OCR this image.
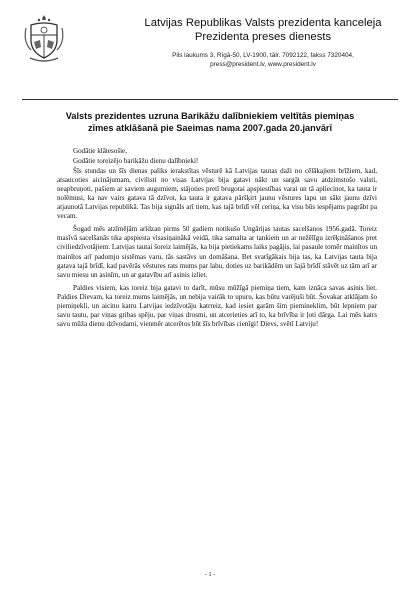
Latvijas Republikas Valsts prezidenta kanceleja
Prezidenta preses dienests
Pils laukums 3, Rīgā-50, LV-1900, tālr. 7092122, fakss 7320404,
press@president.lv, www.president.lv
Valsts prezidentes uzruna Barikāžu dalībniekiem veltītās piemiņas
zīmes atklāšanā pie Saeimas nama 2007.gada 20.janvārī

Godātie klātesošie,

Godātie toreizējo barikāžu dienu dalībnieki!

Šīs stundas un šīs dienas paliks ierakstītas vēsturē kā Latvijas tautas daži no cēlākajiem brīžiem, kad, atsaucoties aicinājumam, civilisti no visas Latvijas bija gatavi nākt un sargāt savu atdzimstošo valsti, neapbruņoti, pašiem ar saviem augumiem, stājoties pretī brugotai apspiestības varai un tā apliecinot, ka tauta ir nolēmusi, ka nav vairs gatava tā dzīvot, ka tauta ir gatava pāršķirt jaunu vēstures lapu un sākt jaunu dzīvi atjaunotā Latvijas republikā. Tas bija signāls arī tiem, kas tajā brīdī vēl ceriņa, ka visu būs iespējams pagrābt pa vecam.

Šogad mēs atzīmējām arīdzan pirms 50 gadiem notikušo Ungārijas tautas sacelšanos 1956.gadā. Toreiz masīvā sacelšanās tika apspiesta visasiņainākā veidā, tika samalta ar tankiem un ar nežēlīgu izrēķināšanos pret civiliedzīvotājiem. Latvijas tautai šoreiz laimējās, ka bija pietiekams laiks pagājis, lai pasaule tomēr mainītos un mainītos arī padomju sistēmas varu, tās sastāvs un domāšana. Bet svarīgākais bija tas, ka Latvijas tauta bija gatava tajā brīdī, kad pavērās vēstures rats mums par labu, doties uz barikādēm un šajā brīdī stāvēt uz tām arī ar savu miesu un asinīm, un ar gatavību arī asinis izliet.

Paldies visiem, kas toreiz bija gatavi to darīt, mūsu mūžīgā piemiņa tiem, kam iznāca savas asinis liet. Paldies Dievam, ka toreiz mums laimējās, un nebija vairāk to upuru, kas būtu varējuši būt. Šovakar atklājam šo piemiņekli, un aicinu katru Latvijas iedzīvotāju katrreiz, kad iesiet garām šim piemineklim, būt lepniem par savu tautu, par viņas gribas spēju, par viņas drosmi, un atcerieties arī to, ka brīvība ir ļoti dārga. Lai mēs katrs savu mūža dienu dzīvodami, vienmēr atcerētos būt šīs brīvības cienīgi! Dievs, svētī Latviju!

- 1 -
